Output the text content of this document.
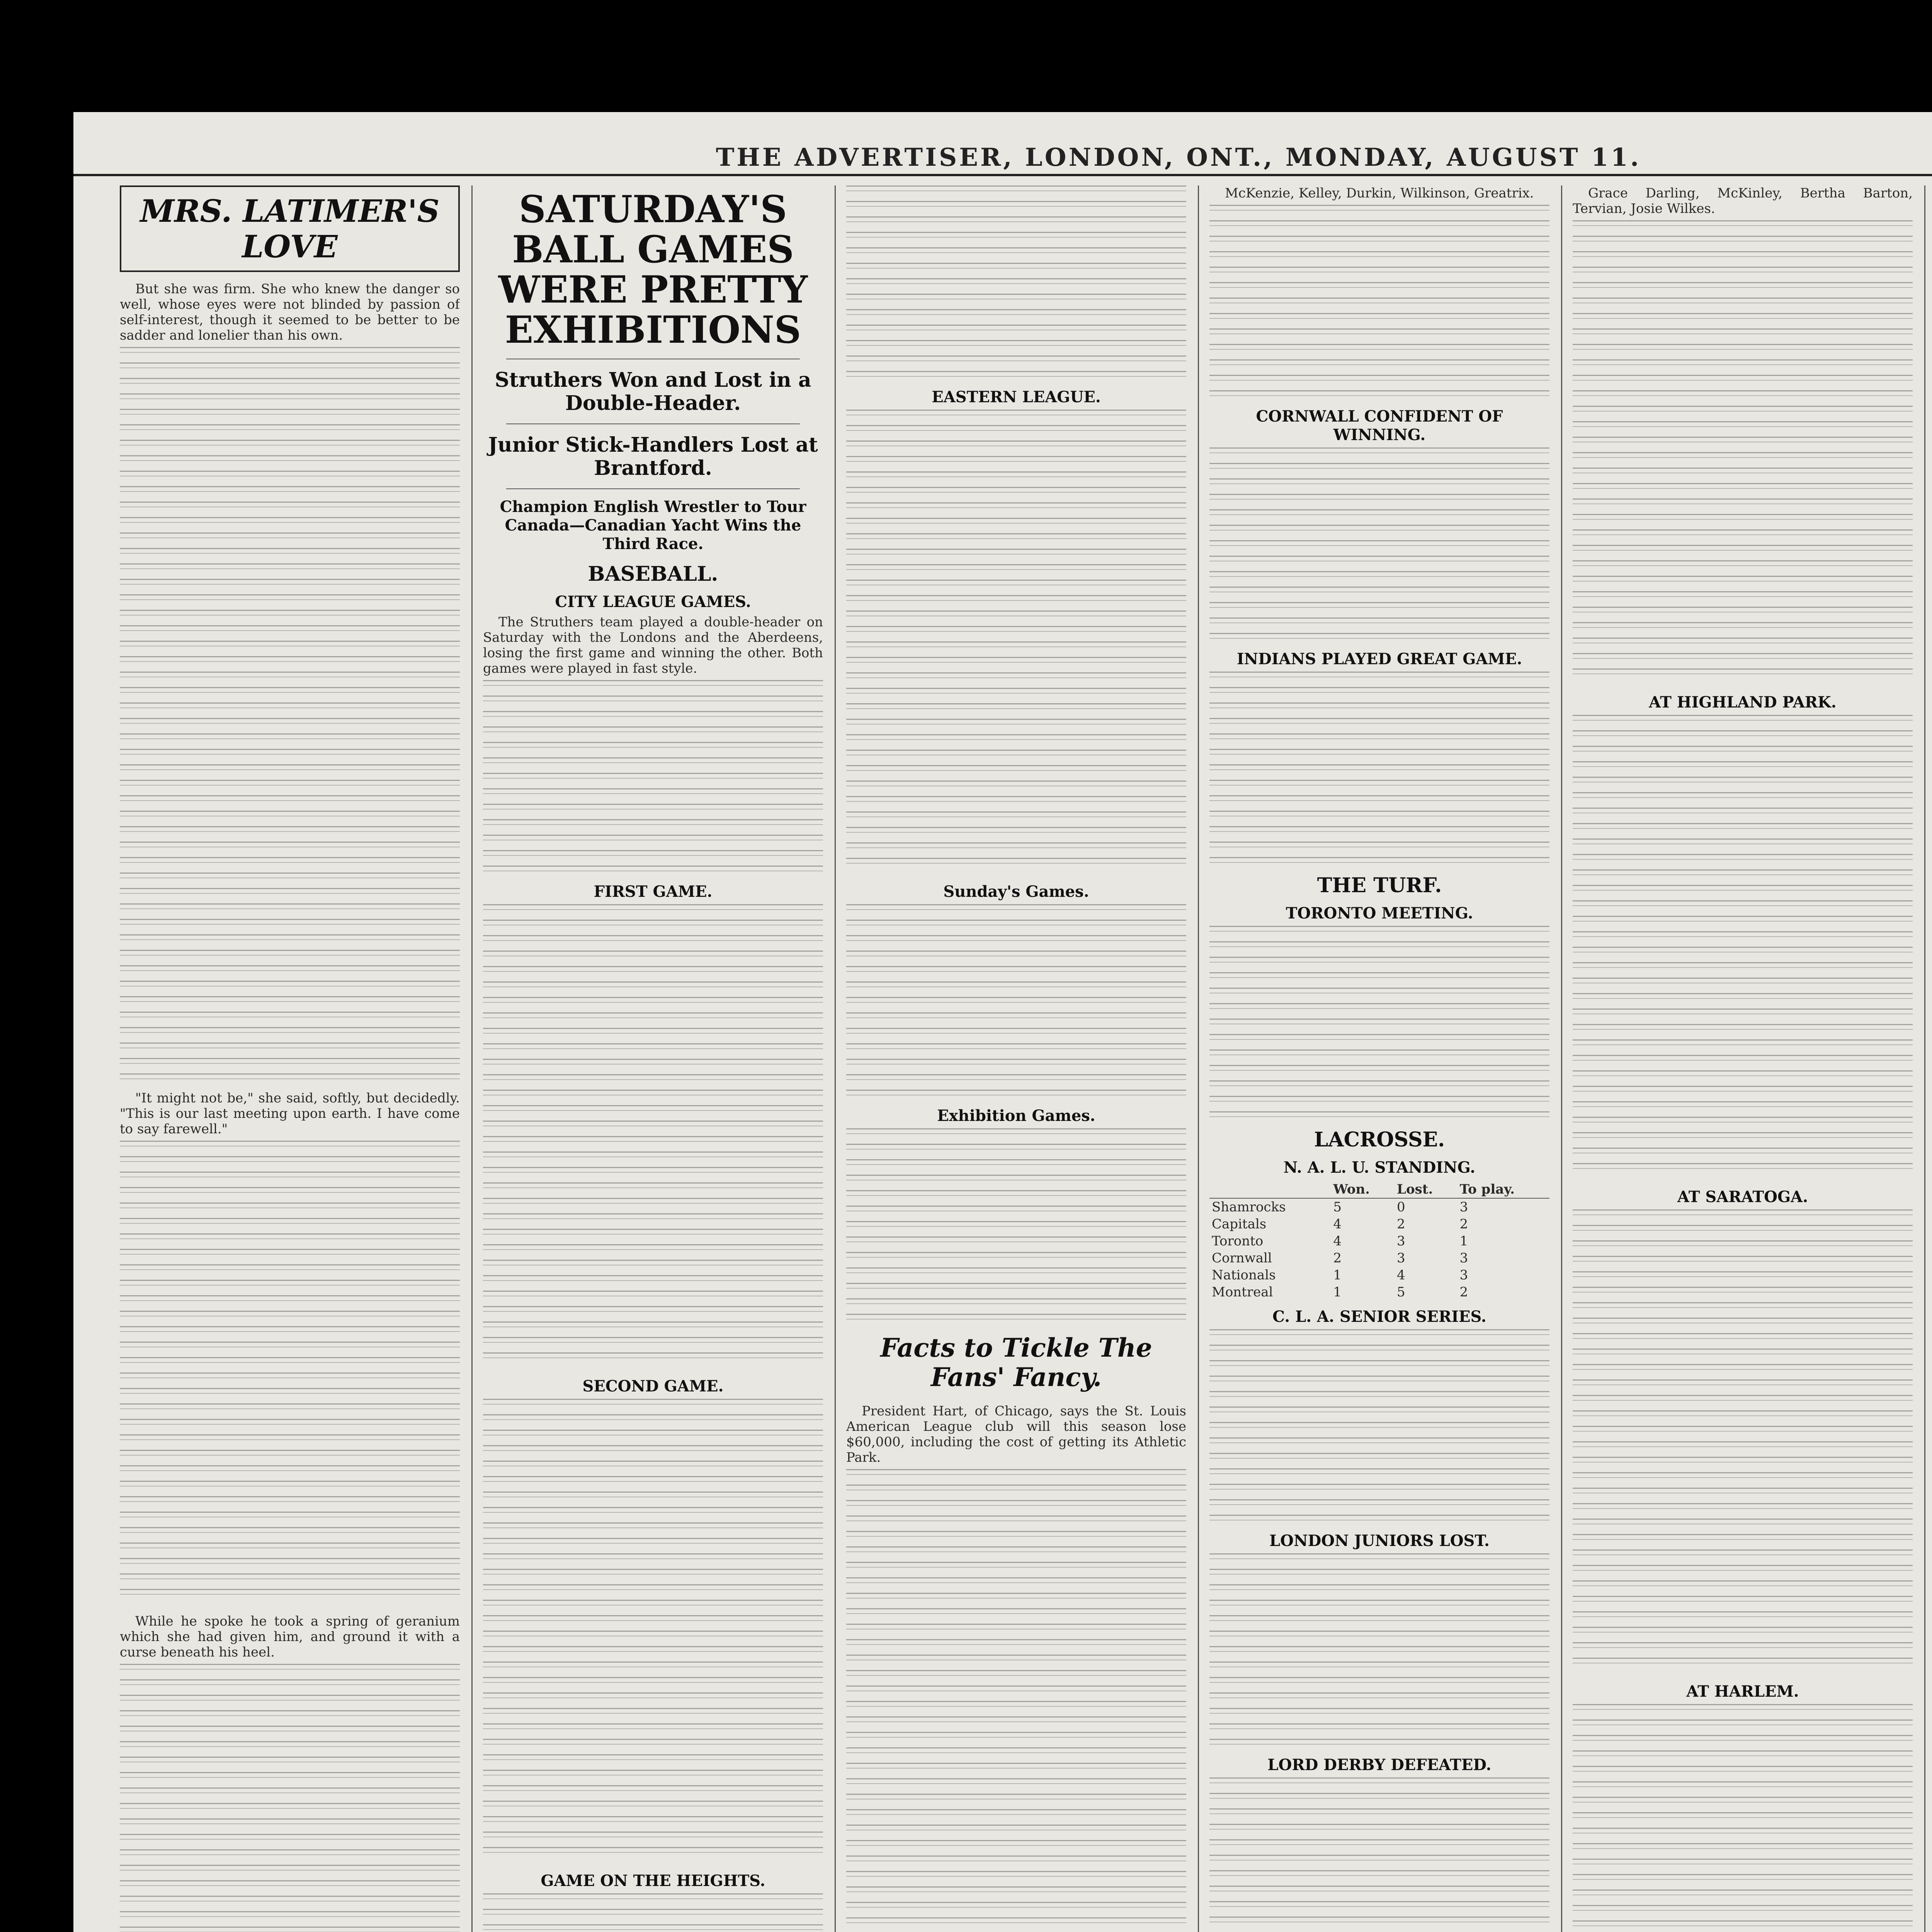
THE ADVERTISER, LONDON, ONT., MONDAY, AUGUST 11.
MRS. LATIMER'S LOVE

But she was firm. She who knew the danger so well, whose eyes were not blinded by passion of self-interest, though it seemed to be better to be sadder and lonelier than his own.

"It might not be," she said, softly, but decidedly. "This is our last meeting upon earth. I have come to say farewell."

While he spoke he took a spring of geranium which she had given him, and ground it with a curse beneath his heel.

SATURDAY'S BALL GAMES WERE PRETTY EXHIBITIONS
Struthers Won and Lost in a Double-Header.
Junior Stick-Handlers Lost at Brantford.
Champion English Wrestler to Tour Canada—Canadian Yacht Wins the Third Race.
BASEBALL.
CITY LEAGUE GAMES.

The Struthers team played a double-header on Saturday with the Londons and the Aberdeens, losing the first game and winning the other. Both games were played in fast style.

FIRST GAME.
SECOND GAME.
GAME ON THE HEIGHTS.
EASTERN LEAGUE.
Sunday's Games.
Exhibition Games.
Facts to Tickle The Fans' Fancy.

President Hart, of Chicago, says the St. Louis American League club will this season lose $60,000, including the cost of getting its Athletic Park.

McKenzie, Kelley, Durkin, Wilkinson, Greatrix.

CORNWALL CONFIDENT OF WINNING.
INDIANS PLAYED GREAT GAME.
THE TURF.
TORONTO MEETING.
LACROSSE.
N. A. L. U. STANDING.
	Won.	Lost.	To play.
Shamrocks	5	0	3
Capitals	4	2	2
Toronto	4	3	1
Cornwall	2	3	3
Nationals	1	4	3
Montreal	1	5	2
C. L. A. SENIOR SERIES.
LONDON JUNIORS LOST.
LORD DERBY DEFEATED.

Grace Darling, McKinley, Bertha Barton, Tervian, Josie Wilkes.

AT HIGHLAND PARK.
AT SARATOGA.
AT HARLEM.
